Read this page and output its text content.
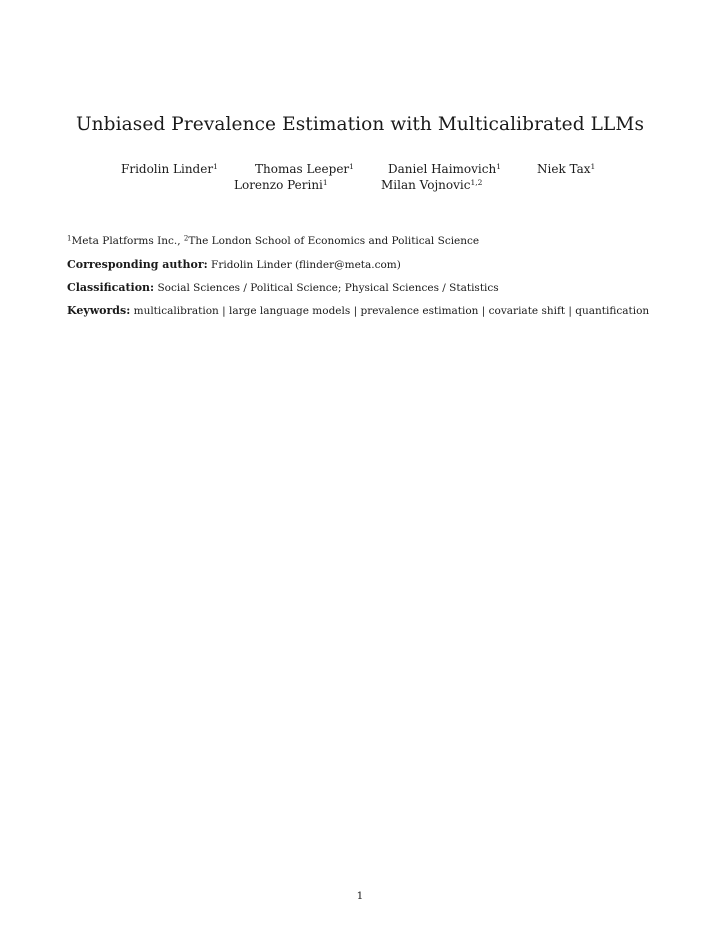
Unbiased Prevalence Estimation with Multicalibrated LLMs
Fridolin Linder$^1$	Thomas Leeper$^1$	Daniel Haimovich$^1$	Niek Tax$^1$
Lorenzo Perini$^1$	Milan Vojnovic$^{1,2}$
$^1$Meta Platforms Inc., $^2$The London School of Economics and Political Science
Corresponding author: Fridolin Linder (flinder@meta.com)
Classification: Social Sciences / Political Science; Physical Sciences / Statistics
Keywords: multicalibration | large language models | prevalence estimation | covariate shift | quantification
1
